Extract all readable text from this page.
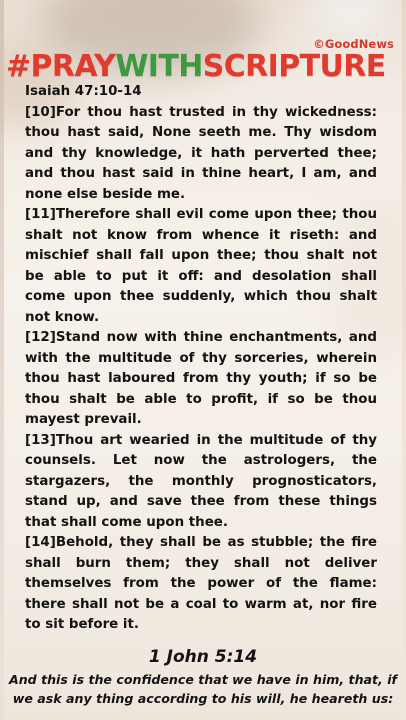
©GoodNews
#PRAYWITHSCRIPTURE
Isaiah 47:10-14
[10]For thou hast trusted in thy wickedness: thou hast said, None seeth me. Thy wisdom and thy knowledge, it hath perverted thee; and thou hast said in thine heart, I am, and none else beside me.
[11]Therefore shall evil come upon thee; thou shalt not know from whence it riseth: and mischief shall fall upon thee; thou shalt not be able to put it off: and desolation shall come upon thee suddenly, which thou shalt not know.
[12]Stand now with thine enchantments, and with the multitude of thy sorceries, wherein thou hast laboured from thy youth; if so be thou shalt be able to profit, if so be thou mayest prevail.
[13]Thou art wearied in the multitude of thy counsels. Let now the astrologers, the stargazers, the monthly prognosticators, stand up, and save thee from these things that shall come upon thee.
[14]Behold, they shall be as stubble; the fire shall burn them; they shall not deliver themselves from the power of the flame: there shall not be a coal to warm at, nor fire to sit before it.
1 John 5:14
And this is the confidence that we have in him, that, if we ask any thing according to his will, he heareth us:
